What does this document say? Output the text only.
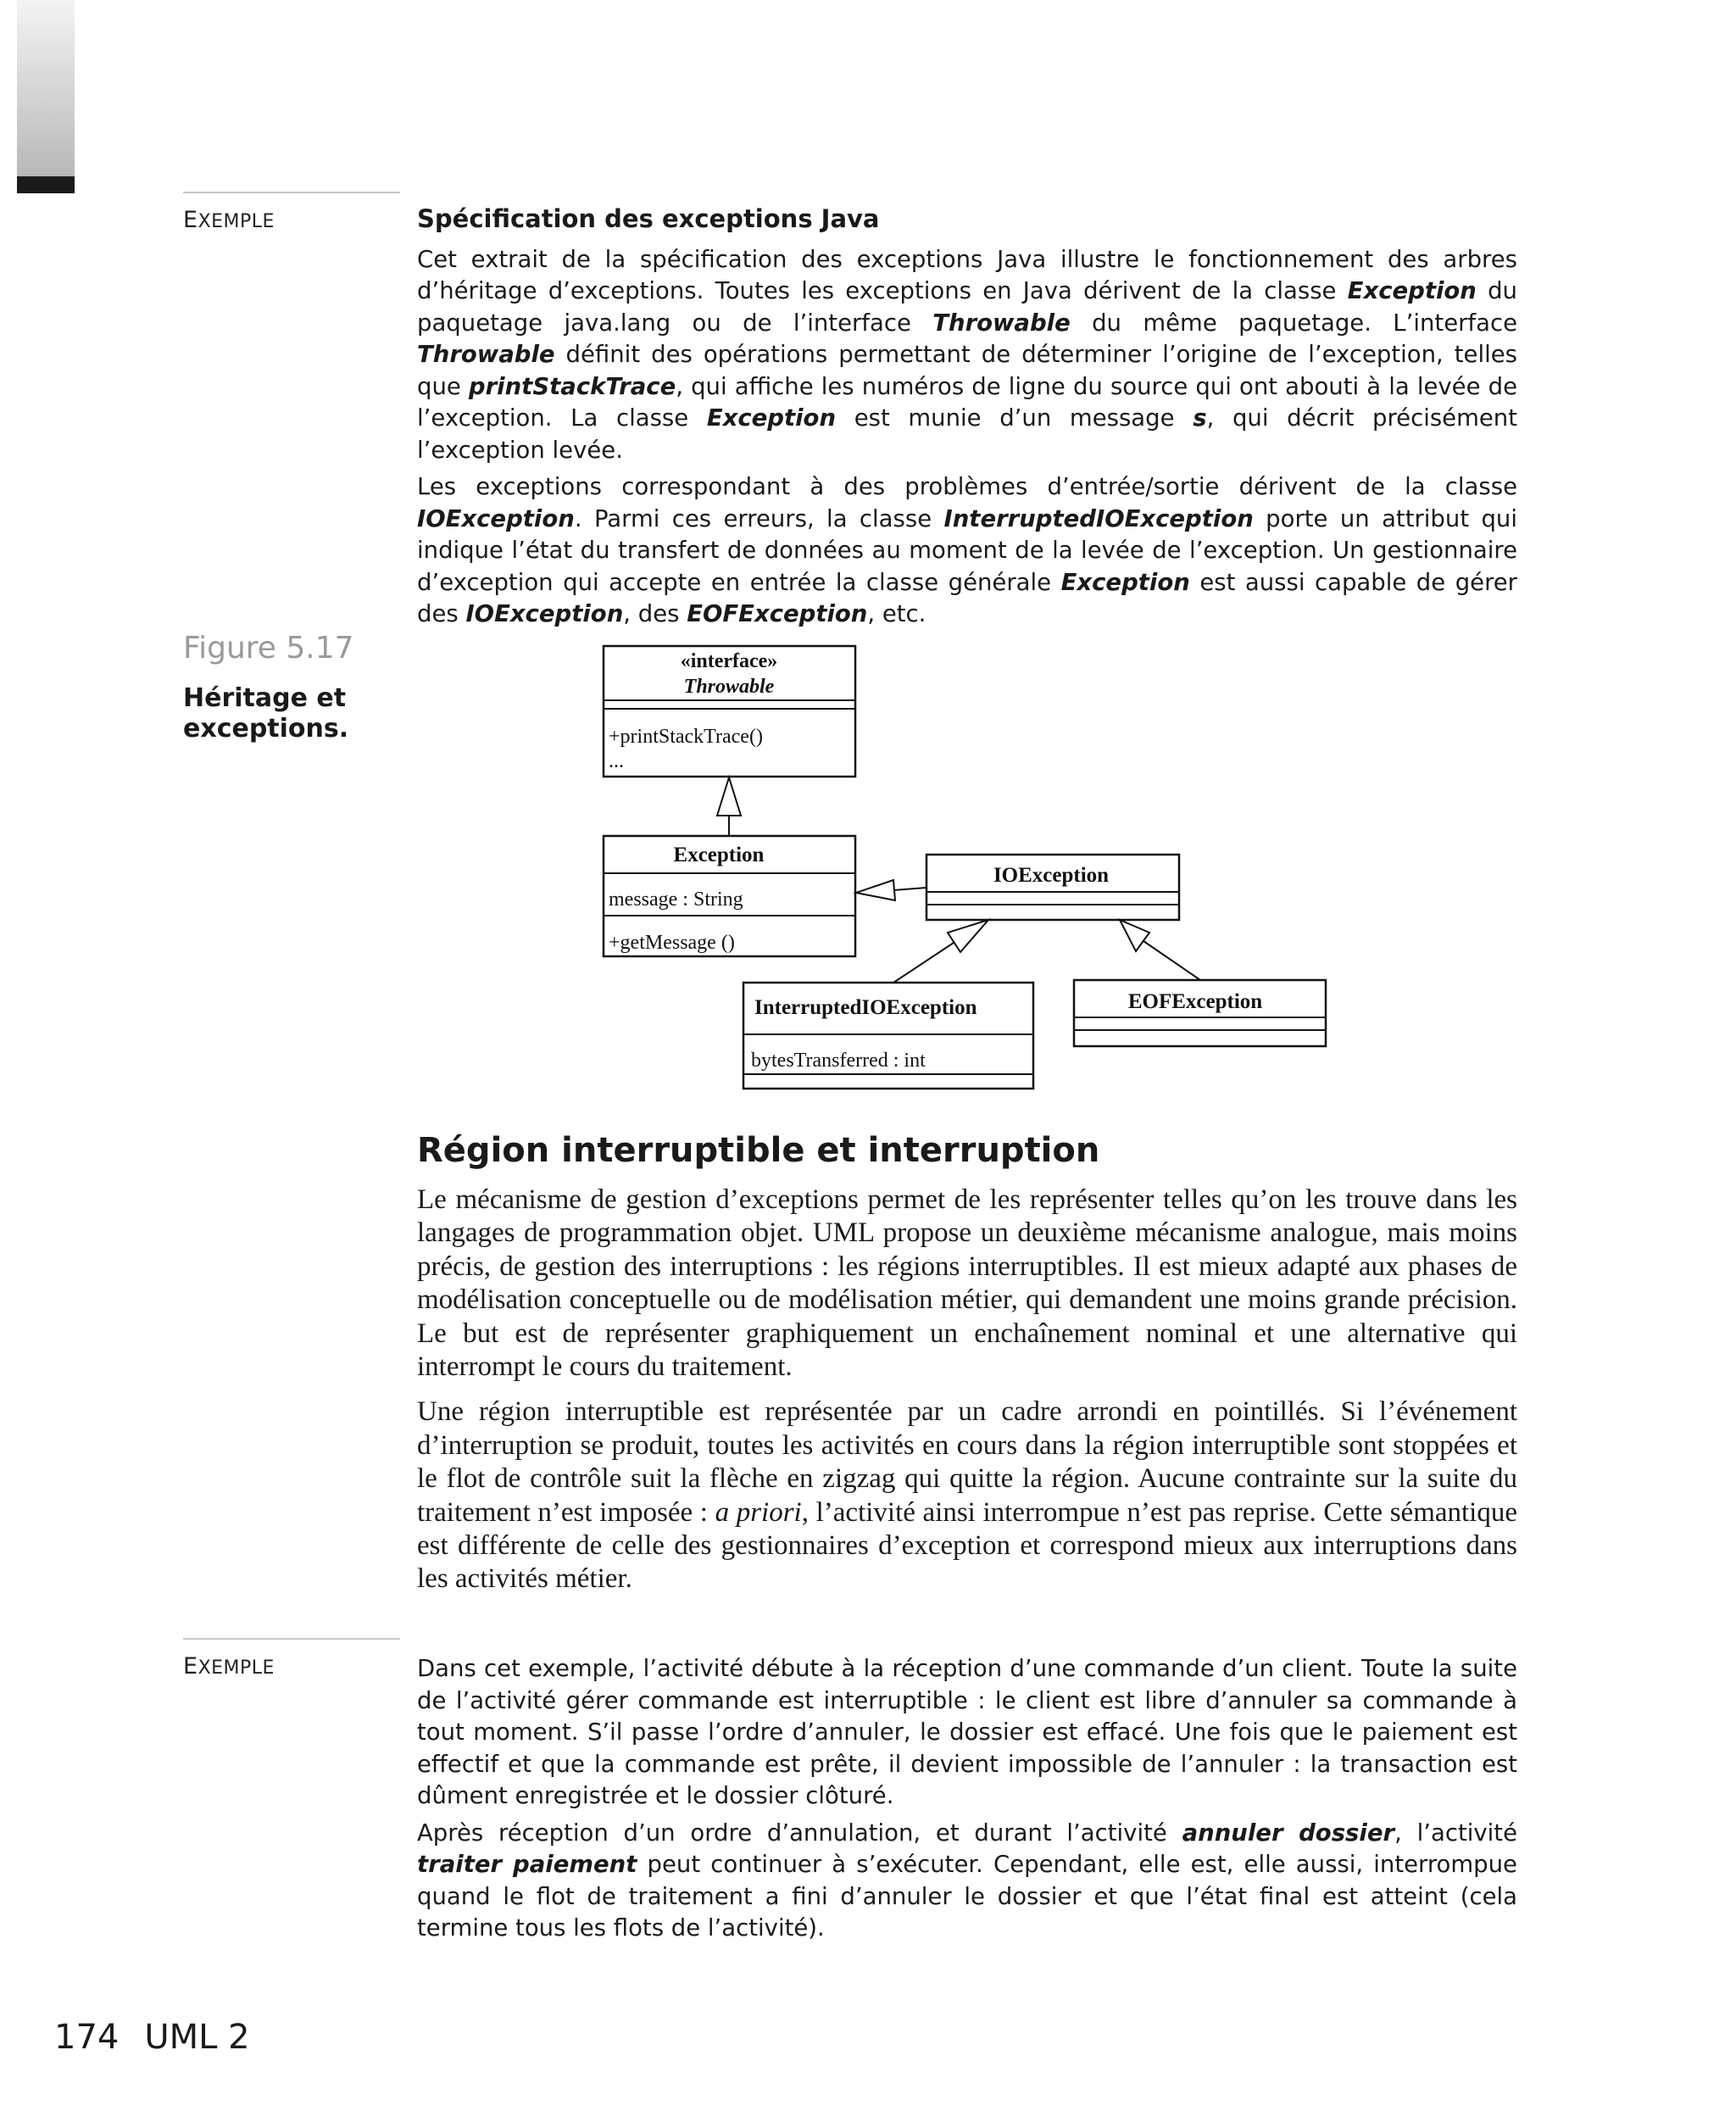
EXEMPLE	Spécification des exceptions Java

Cet extrait de la spécification des exceptions Java illustre le fonctionnement des arbres d’héritage d’exceptions. Toutes les exceptions en Java dérivent de la classe Exception du paquetage java.lang ou de l’interface Throwable du même paquetage. L’interface Throwable définit des opérations permettant de déterminer l’origine de l’exception, telles que printStackTrace, qui affiche les numéros de ligne du source qui ont abouti à la levée de l’exception. La classe Exception est munie d’un message s, qui décrit précisément l’exception levée.

Les exceptions correspondant à des problèmes d’entrée/sortie dérivent de la classe IOException. Parmi ces erreurs, la classe InterruptedIOException porte un attribut qui indique l’état du transfert de données au moment de la levée de l’exception. Un gestionnaire d’exception qui accepte en entrée la classe générale Exception est aussi capable de gérer des IOException, des EOFException, etc.

Figure 5.17
Héritage et exceptions.
«interface»
Throwable
+printStackTrace()
...
Exception
message : String
+getMessage ()
IOException
InterruptedIOException
bytesTransferred : int
EOFException
Région interruptible et interruption

Le mécanisme de gestion d’exceptions permet de les représenter telles qu’on les trouve dans les langages de programmation objet. UML propose un deuxième mécanisme analogue, mais moins précis, de gestion des interruptions : les régions interruptibles. Il est mieux adapté aux phases de modélisation conceptuelle ou de modélisation métier, qui demandent une moins grande précision. Le but est de représenter graphiquement un enchaînement nominal et une alternative qui interrompt le cours du traitement.

Une région interruptible est représentée par un cadre arrondi en pointillés. Si l’événement d’interruption se produit, toutes les activités en cours dans la région interruptible sont stoppées et le flot de contrôle suit la flèche en zigzag qui quitte la région. Aucune contrainte sur la suite du traitement n’est imposée : a priori, l’activité ainsi interrompue n’est pas reprise. Cette sémantique est différente de celle des gestionnaires d’exception et correspond mieux aux interruptions dans les activités métier.

EXEMPLE	Dans cet exemple, l’activité débute à la réception d’une commande d’un client. Toute la suite de l’activité gérer commande est interruptible : le client est libre d’annuler sa commande à tout moment. S’il passe l’ordre d’annuler, le dossier est effacé. Une fois que le paiement est effectif et que la commande est prête, il devient impossible de l’annuler : la transaction est dûment enregistrée et le dossier clôturé.

Après réception d’un ordre d’annulation, et durant l’activité annuler dossier, l’activité traiter paiement peut continuer à s’exécuter. Cependant, elle est, elle aussi, interrompue quand le flot de traitement a fini d’annuler le dossier et que l’état final est atteint (cela termine tous les flots de l’activité).

174 UML 2
